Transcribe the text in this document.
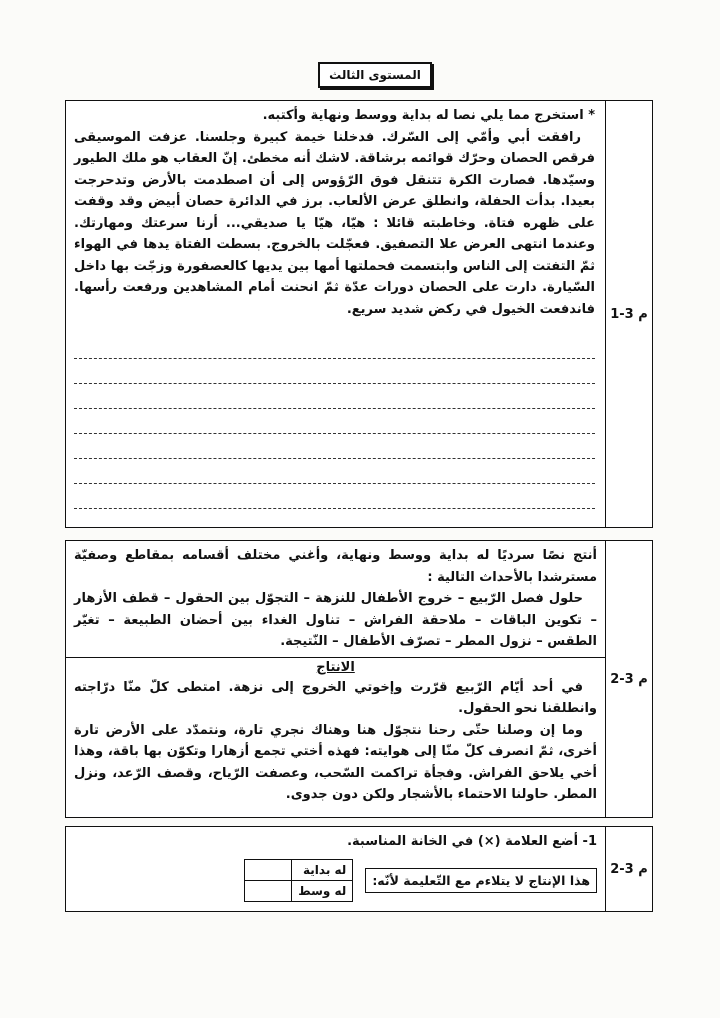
المستوى الثالث

* استخرج مما يلي نصا له بداية ووسط ونهاية وأكتبه.

رافقت أبي وأمّي إلى السّرك. فدخلنا خيمة كبيرة وجلسنا. عزفت الموسيقى فرقص الحصان وحرّك قوائمه برشاقة. لاشك أنه مخطئ. إنّ العقاب هو ملك الطيور وسيّدها. فصارت الكرة تتنقل فوق الرّؤوس إلى أن اصطدمت بالأرض وتدحرجت بعيدا. بدأت الحفلة، وانطلق عرض الألعاب. برز في الدائرة حصان أبيض وقد وقفت على ظهره فتاة. وخاطبته قائلا : هيّا، هيّا يا صديقي... أرنا سرعتك ومهارتك. وعندما انتهى العرض علا التصفيق. فعجّلت بالخروج. بسطت الفتاة يدها في الهواء ثمّ التفتت إلى الناس وابتسمت فحملتها أمها بين يديها كالعصفورة وزجّت بها داخل السّيارة. دارت على الحصان دورات عدّة ثمّ انحنت أمام المشاهدين ورفعت رأسها. فاندفعت الخيول في ركض شديد سريع.	م 3-1

أنتج نصًا سرديًا له بداية ووسط ونهاية، وأغني مختلف أقسامه بمقاطع وصفيّة مسترشدا بالأحداث التالية :

حلول فصل الرّبيع – خروج الأطفال للنزهة – التجوّل بين الحقول – قطف الأزهار – تكوين الباقات – ملاحقة الفراش – تناول الغداء بين أحضان الطبيعة – تغيّر الطقس – نزول المطر – تصرّف الأطفال – النّتيجة.

الانتاج

في أحد أيّام الرّبيع قرّرت وإخوتي الخروج إلى نزهة. امتطى كلّ منّا درّاجته وانطلقنا نحو الحقول.

وما إن وصلنا حتّى رحنا نتجوّل هنا وهناك نجري تارة، ونتمدّد على الأرض تارة أخرى، ثمّ انصرف كلّ منّا إلى هوايته: فهذه أختي تجمع أزهارا وتكوّن بها باقة، وهذا أخي يلاحق الفراش. وفجأة تراكمت السّحب، وعصفت الرّياح، وقصف الرّعد، ونزل المطر. حاولنا الاحتماء بالأشجار ولكن دون جدوى.

م 3-2

1- أضع العلامة (×) في الخانة المناسبة.

هذا الإنتاج لا يتلاءم مع التّعليمة لأنّه:
له بداية	
له وسط	
م 3-2
